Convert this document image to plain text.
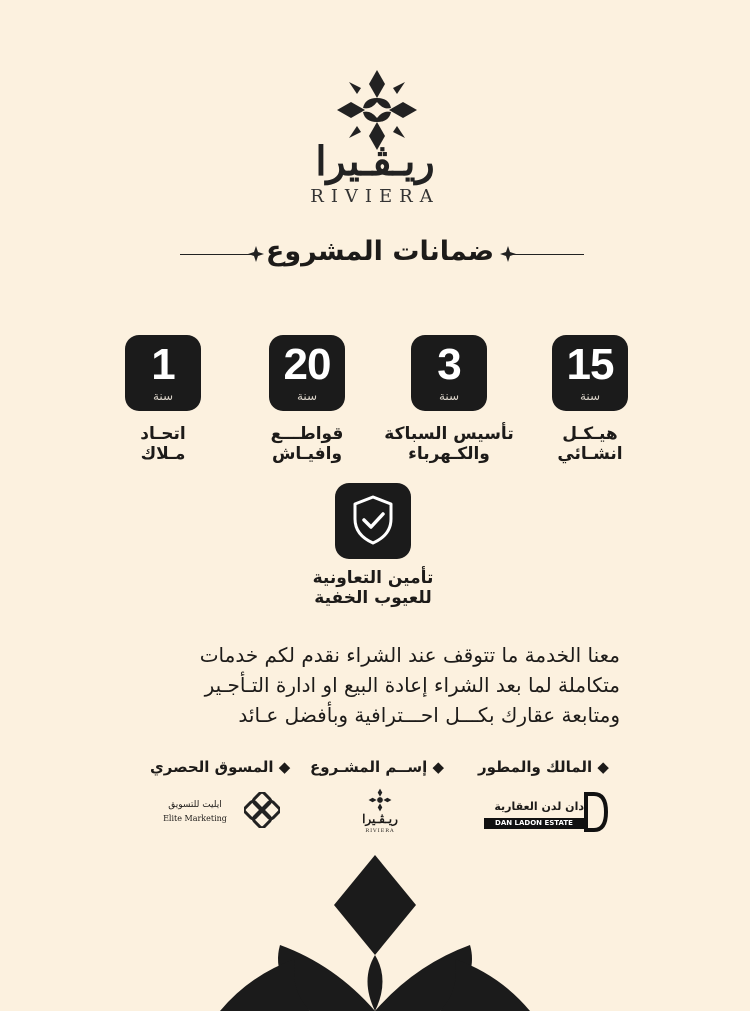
ريـڤـيرا
RIVIERA
ضمانات المشروع
15
سنة
هيـكـل
انشـائي
3
سنة
تأسيس السباكة
والكـهرباء
20
سنة
قواطـــع
وافيـاش
1
سنة
اتحـاد
مـلاك
تأمين التعاونية
للعيوب الخفية
معنا الخدمة ما تتوقف عند الشراء نقدم لكم خدمات
متكاملة لما بعد الشراء إعادة البيع او ادارة التـأجـير
ومتابعة عقارك بكـــل احـــترافية وبأفضل عـائد
◆ المالك والمطور
◆ إســم المشـروع
◆ المسوق الحصري
دان لدن العقارية
DAN LADON ESTATE
ريـڤـيرا
RIVIERA
ايليت للتسويق
Elite Marketing
